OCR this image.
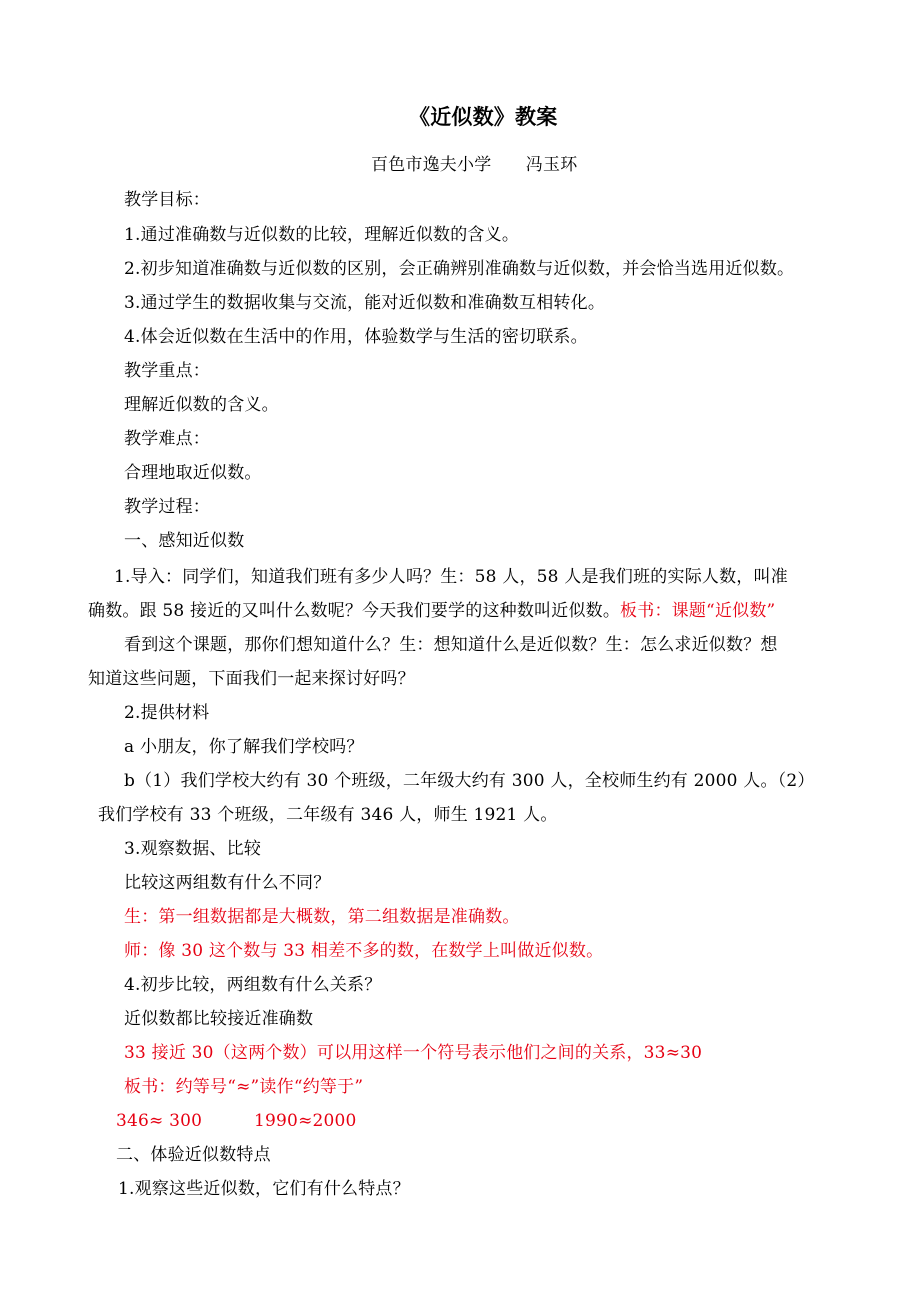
《近似数》教案
百色市逸夫小学　　冯玉环
教学目标：
1.通过准确数与近似数的比较，理解近似数的含义。
2.初步知道准确数与近似数的区别，会正确辨别准确数与近似数，并会恰当选用近似数。
3.通过学生的数据收集与交流，能对近似数和准确数互相转化。
4.体会近似数在生活中的作用，体验数学与生活的密切联系。
教学重点：
理解近似数的含义。
教学难点：
合理地取近似数。
教学过程：
一、感知近似数
1.导入：同学们，知道我们班有多少人吗？生：58 人，58 人是我们班的实际人数，叫准
确数。跟 58 接近的又叫什么数呢？今天我们要学的这种数叫近似数。板书：课题“近似数”
看到这个课题，那你们想知道什么？生：想知道什么是近似数？生：怎么求近似数？想
知道这些问题，下面我们一起来探讨好吗？
2.提供材料
a 小朋友，你了解我们学校吗？
b（1）我们学校大约有 30 个班级，二年级大约有 300 人，全校师生约有 2000 人。（2）
我们学校有 33 个班级，二年级有 346 人，师生 1921 人。
3.观察数据、比较
比较这两组数有什么不同？
生：第一组数据都是大概数，第二组数据是准确数。
师：像 30 这个数与 33 相差不多的数，在数学上叫做近似数。
4.初步比较，两组数有什么关系？
近似数都比较接近准确数
33 接近 30（这两个数）可以用这样一个符号表示他们之间的关系，33≈30
板书：约等号“≈”读作“约等于”
346≈ 300	1990≈2000
二、体验近似数特点
1.观察这些近似数，它们有什么特点？
